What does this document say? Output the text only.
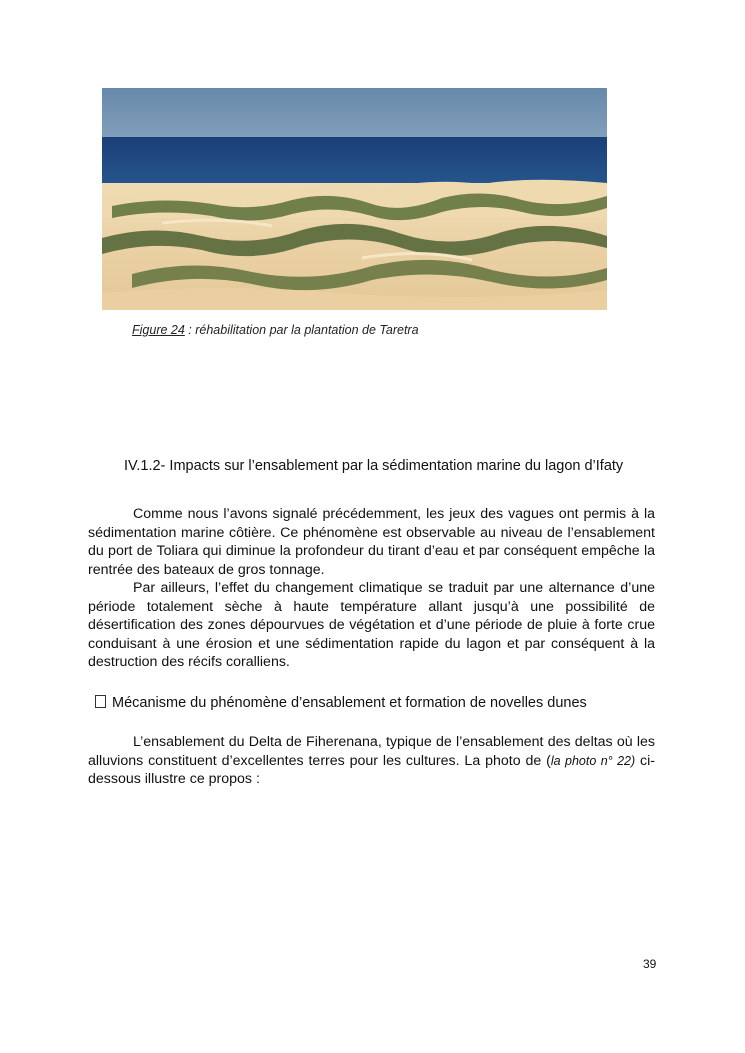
Figure 24 : réhabilitation par la plantation de Taretra
IV.1.2- Impacts sur l’ensablement par la sédimentation marine du lagon d’Ifaty

Comme nous l’avons signalé précédemment, les jeux des vagues ont permis à la sédimentation marine côtière. Ce phénomène est observable au niveau de l’ensablement du port de Toliara qui diminue la profondeur du tirant d’eau et par conséquent empêche la rentrée des bateaux de gros tonnage.

Par ailleurs, l’effet du changement climatique se traduit par une alternance d’une période totalement sèche à haute température allant jusqu’à une possibilité de désertification des zones dépourvues de végétation et d’une période de pluie à forte crue conduisant à une érosion et une sédimentation rapide du lagon et par conséquent à la destruction des récifs coralliens.

Mécanisme du phénomène d’ensablement et formation de novelles dunes

L’ensablement du Delta de Fiherenana, typique de l’ensablement des deltas où les alluvions constituent d’excellentes terres pour les cultures. La photo de (la photo n° 22) ci-dessous illustre ce propos :

39
